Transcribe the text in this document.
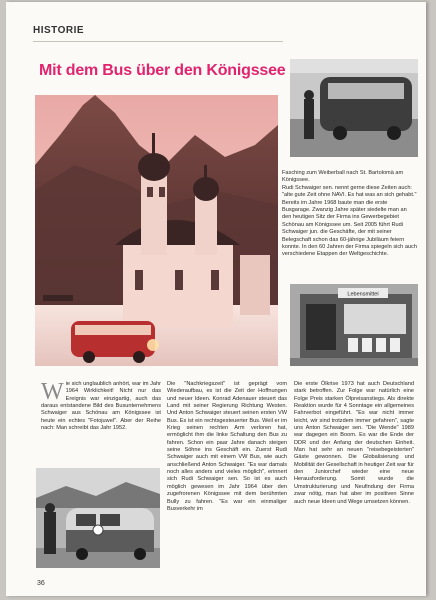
HISTORIE
Mit dem Bus über den Königssee

Fasching zum Weiberball nach St. Bartolomä am Königssee.

Rudi Schwaiger sen. nennt gerne diese Zeiten auch: "alte gute Zeit ohne NAVI. Es hat was an sich gehabt." Bereits im Jahre 1968 baute man die erste Busgarage. Zwanzig Jahre später siedelte man an den heutigen Sitz der Firma ins Gewerbegebiet Schönau am Königssee um. Seit 2005 führt Rudi Schwaiger jun. die Geschäfte, der mit seiner Belegschaft schon das 60-jährige Jubiläum feiern konnte. In den 60 Jahren der Firma spiegeln sich auch verschiedene Etappen der Weltgeschichte.

Lebensmittel

Wie sich unglaublich anhört, war im Jahr 1964 Wirklichkeit! Nicht nur das Ereignis war einzigartig, auch das daraus entstandene Bild des Busunternehmens Schwaiger aus Schönau am Königssee ist heute ein echtes "Fotojuwel". Aber der Reihe nach: Man schreibt das Jahr 1952.

Die "Nachkriegszeit" ist geprägt vom Wiederaufbau, es ist die Zeit der Hoffnungen und neuer Ideen. Konrad Adenauer steuert das Land mit seiner Regierung Richtung Westen. Und Anton Schwaiger steuert seinen ersten VW Bus. Es ist ein rechtsgesteuerter Bus. Weil er im Krieg seinen rechten Arm verloren hat, ermöglicht ihm die linke Schaltung den Bus zu fahren. Schon ein paar Jahre danach steigen seine Söhne ins Geschäft ein. Zuerst Rudi Schwaiger auch mit einem VW Bus, wie auch anschließend Anton Schwaiger. "Es war damals noch alles anders und vieles möglich", erinnert sich Rudi Schwaiger sen. So ist es auch möglich gewesen im Jahr 1964 über den zugefrorenen Königssee mit dem berühmten Bully zu fahren. "Es war ein einmaliger Busverkehr im

Die erste Ölkrise 1973 hat auch Deutschland stark betroffen. Zur Folge war natürlich eine Folge Preis starken Ölpreisanstiegs. Als direkte Reaktion wurde für 4 Sonntage ein allgemeines Fahrverbot eingeführt. "Es war nicht immer leicht, wir sind trotzdem immer gefahren", sagte uns Anton Schwaiger sen. "Die Wende" 1989 war dagegen ein Boom. Es war die Ende der DDR und der Anfang der deutschen Einheit. Man hat sehr an neuen "reisebegeisterten" Gäste gewonnen. Die Globalisierung und Mobilität der Gesellschaft in heutiger Zeit war für den Juniorchef wieder eine neue Herausforderung. Somit wurde die Umstrukturierung und Neufindung der Firma zwar nötig, man hat aber im positiven Sinne auch neue Ideen und Wege umsetzen können.

36
